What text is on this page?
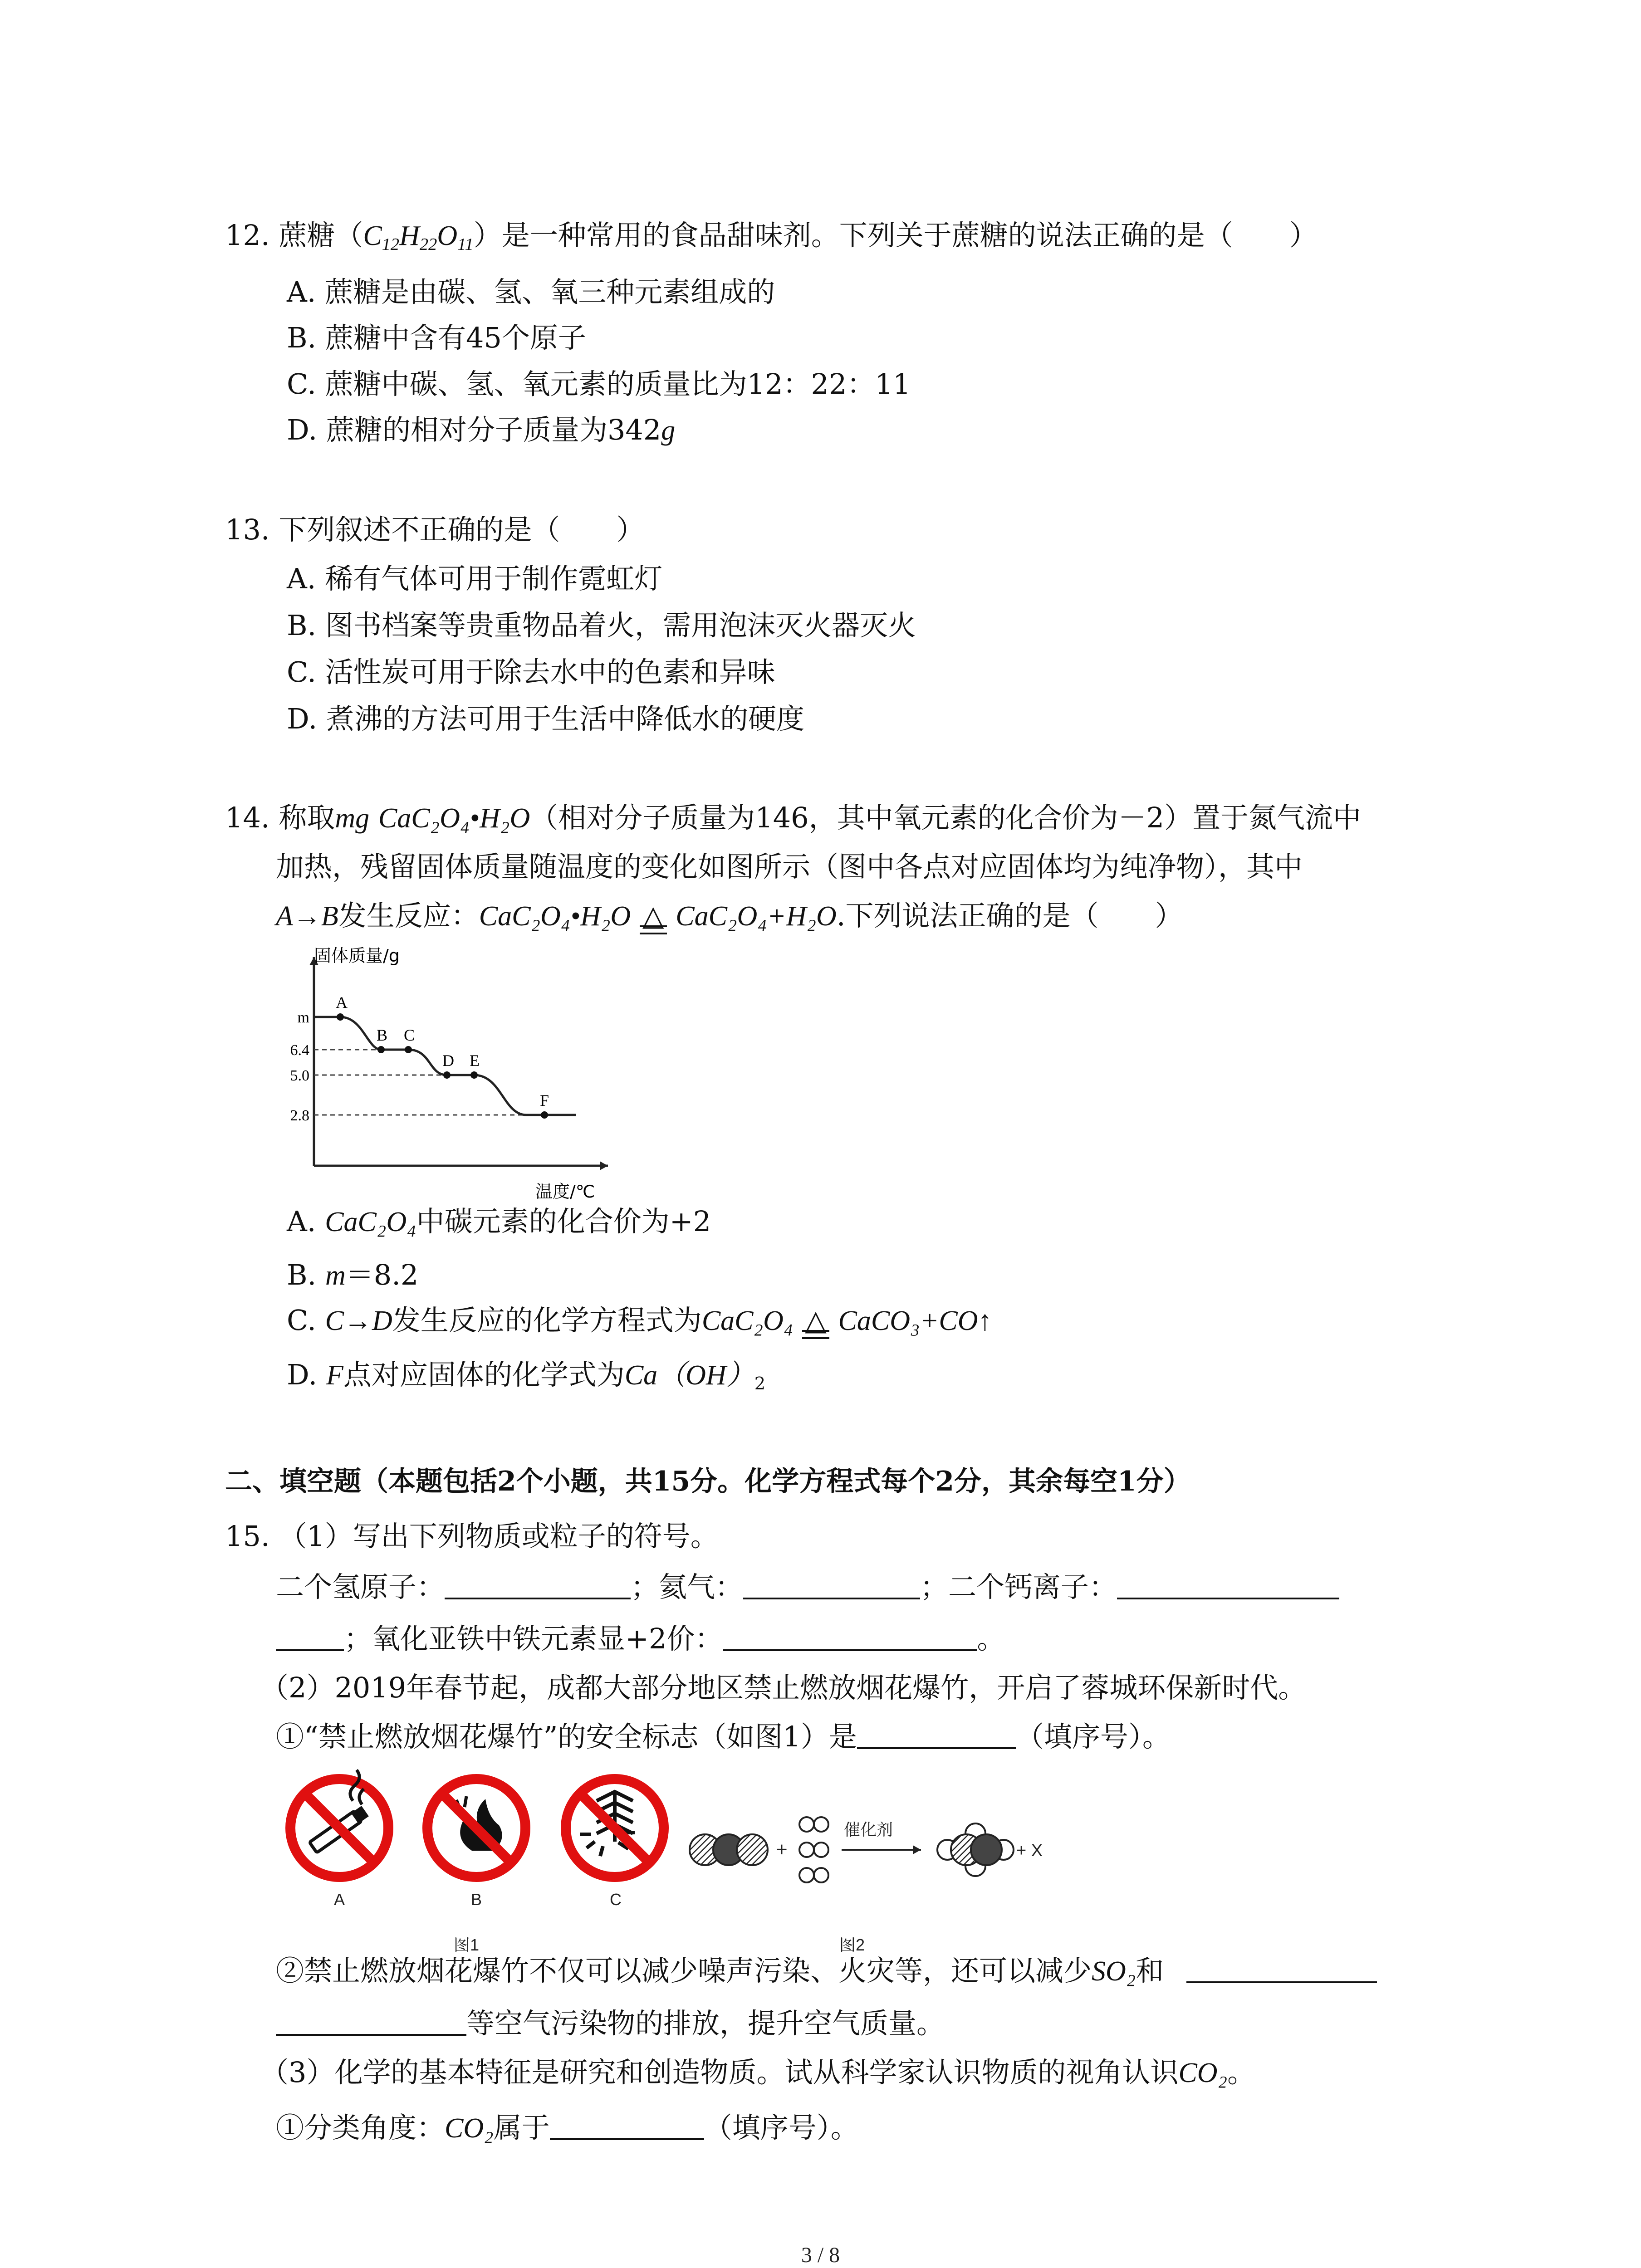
12. 蔗糖$(C_{12}H_{22}O_{11})$是一种常用的食品甜味剂。下列关于蔗糖的说法正确的是（　　）
A. 蔗糖是由碳、氢、氧三种元素组成的
B. 蔗糖中含有45个原子
C. 蔗糖中碳、氢、氧元素的质量比为12：22：11
D. 蔗糖的相对分子质量为342g
13. 下列叙述不正确的是（　　）
A. 稀有气体可用于制作霓虹灯
B. 图书档案等贵重物品着火，需用泡沫灭火器灭火
C. 活性炭可用于除去水中的色素和异味
D. 煮沸的方法可用于生活中降低水的硬度
14. 称取mg CaC₂O₄•H₂O（相对分子质量为146，其中氧元素的化合价为－2）置于氮气流中
加热，残留固体质量随温度的变化如图所示（图中各点对应固体均为纯净物），其中
A→B发生反应：CaC₂O₄•H₂O △ CaC₂O₄+H₂O.下列说法正确的是（　　）
A
B C
D E
F
m
6.4
5.0
2.8
固体质量/g
温度/℃
A. CaC₂O₄中碳元素的化合价为+2
B. m＝8.2
C. C→D发生反应的化学方程式为CaC₂O₄ △ CaCO₃+CO↑
D. F点对应固体的化学式为$Ca(OH)_2$
二、填空题（本题包括2个小题，共15分。化学方程式每个2分，其余每空1分）
15. （1）写出下列物质或粒子的符号。
二个氢原子：	；氦气：	；二个钙离子：
；氧化亚铁中铁元素显+2价：	。
（2）2019年春节起，成都大部分地区禁止燃放烟花爆竹，开启了蓉城环保新时代。
①“禁止燃放烟花爆竹”的安全标志（如图1）是	（填序号）。
A	B	C
图1
+
催化剂
+ X
图2
②禁止燃放烟花爆竹不仅可以减少噪声污染、火灾等，还可以减少SO₂和
等空气污染物的排放，提升空气质量。
（3）化学的基本特征是研究和创造物质。试从科学家认识物质的视角认识CO₂。
①分类角度：CO₂属于	（填序号）。
3 / 8
